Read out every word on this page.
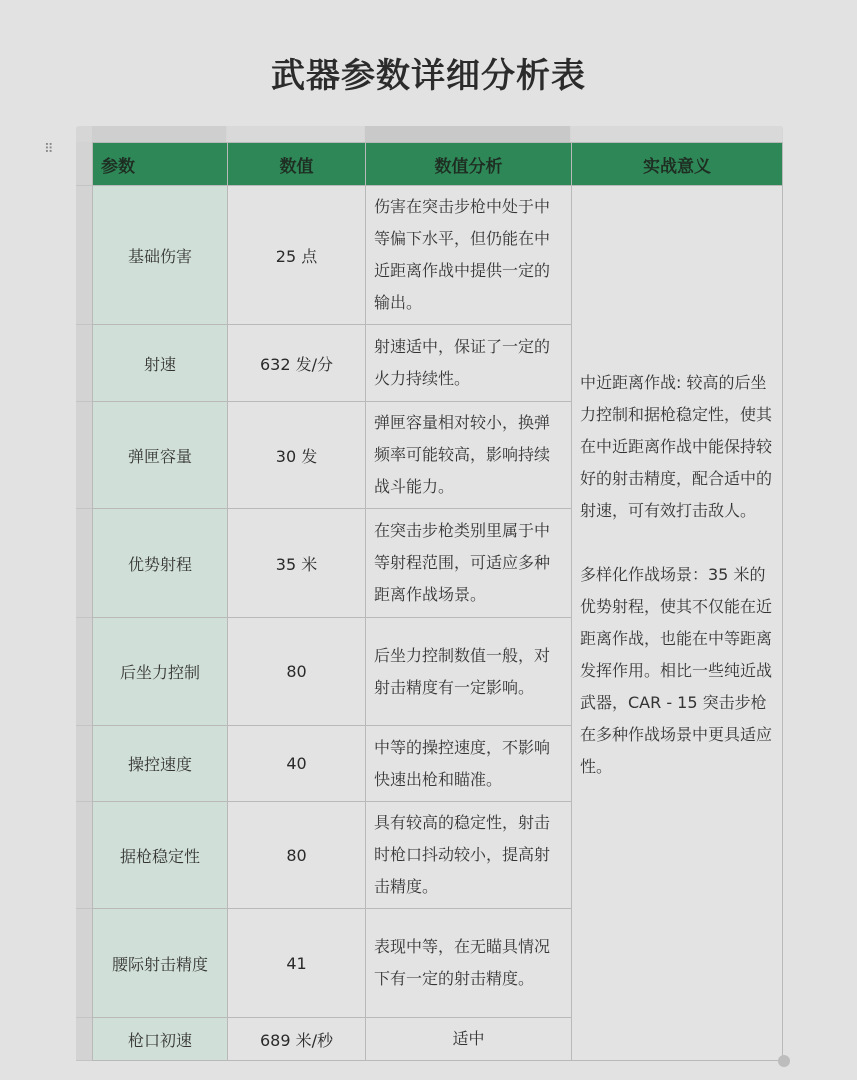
武器参数详细分析表
⠿
参数	数值	数值分析	实战意义
基础伤害	25 点	伤害在突击步枪中处于中等偏下水平，但仍能在中近距离作战中提供一定的输出。	中近距离作战: 较高的后坐力控制和据枪稳定性，使其在中近距离作战中能保持较好的射击精度，配合适中的射速，可有效打击敌人。
多样化作战场景：35 米的优势射程，使其不仅能在近距离作战，也能在中等距离发挥作用。相比一些纯近战武器，CAR - 15 突击步枪在多种作战场景中更具适应性。

射速	632 发/分	射速适中，保证了一定的火力持续性。	
弹匣容量	30 发	弹匣容量相对较小，换弹频率可能较高，影响持续战斗能力。	
优势射程	35 米	在突击步枪类别里属于中等射程范围，可适应多种距离作战场景。	
后坐力控制	80	后坐力控制数值一般，对射击精度有一定影响。	
操控速度	40	中等的操控速度，不影响快速出枪和瞄准。	
据枪稳定性	80	具有较高的稳定性，射击时枪口抖动较小，提高射击精度。	
腰际射击精度	41	表现中等，在无瞄具情况下有一定的射击精度。	
枪口初速	689 米/秒	适中	
